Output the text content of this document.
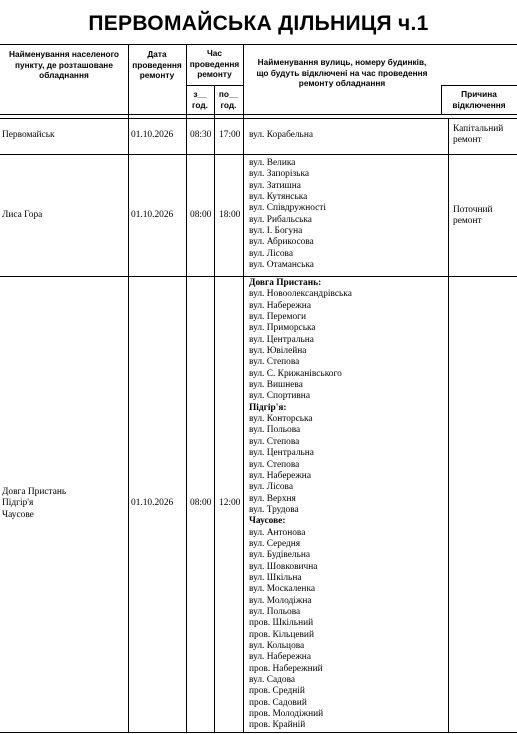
ПЕРВОМАЙСЬКА ДІЛЬНИЦЯ ч.1
Найменування населеного
пункту, де розташоване
обладнання
Дата
проведення
ремонту
Час
проведення
ремонту
з__
год.
по__
год.
Найменування вулиць, номеру будинків,
що будуть відключені на час проведення
ремонту обладнання
Причина
відключення
Первомайськ	01.10.2026 08:30 17:00 вул. Корабельна
Капітальний
ремонт
Лиса Гора	01.10.2026 08:00 18:00
вул. Велика
вул. Запорізька
вул. Затишна
вул. Кутянська
вул. Співдружності
вул. Рибальська
вул. І. Богуна
вул. Абрикосова
вул. Лісова
вул. Отаманська
Поточний
ремонт
Довга Пристань
Підгір'я
Чаусове
01.10.2026 08:00 12:00
Довга Пристань:
вул. Новоолександрівська
вул. Набережна
вул. Перемоги
вул. Приморська
вул. Центральна
вул. Ювілейна
вул. Степова
вул. С. Крижанівського
вул. Вишнева
вул. Спортивна
Підгір'я:
вул. Конторська
вул. Польова
вул. Степова
вул. Центральна
вул. Степова
вул. Набережна
вул. Лісова
вул. Верхня
вул. Трудова
Чаусове:
вул. Антонова
вул. Середня
вул. Будівельна
вул. Шовковична
вул. Шкільна
вул. Москаленка
вул. Молодіжна
вул. Польова
пров. Шкільний
пров. Кільцевий
вул. Кольцова
вул. Набережна
пров. Набережний
вул. Садова
пров. Средній
пров. Садовий
пров. Молодіжний
пров. Крайній
